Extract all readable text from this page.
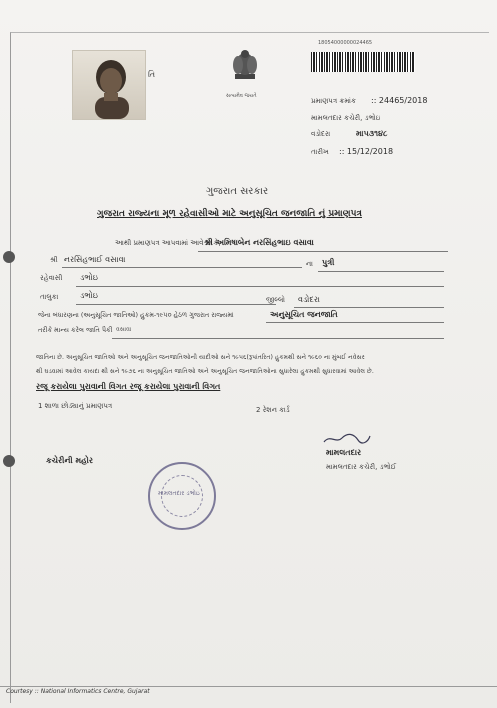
તિ
સત્યમેવ જયતે
18054000000024465
પ્રમાણપત્ર ક્રમાંક :: 24465/2018
મામલતદાર કચેરી, ડભોઇ
વડોદરા	માપ૩૧૪૮
તારીખ :: 15/12/2018
ગુજરાત સરકાર
ગુજરાત રાજ્યના મૂળ રહેવાસીઓ માટે અનુસૂચિત જનજાતિ નું પ્રમાણપત્ર
આથી પ્રમાણપત્ર આપવામાં આવે છે કે,
શ્રી અમિષાબેન નરસિંહભાઇ વસાવા
શ્રી નરસિંહભાઈ વસાવા	ના પુત્રી
રહેવાસી ડભોઇ
તાલુકા	ડભોઇ	જીલ્લો વડોદરા
જેના બંધારણના (અનુસૂચિત જાતિઓ) હુકમ-૧૯૫૦ હેઠળ ગુજરાત રાજ્યમાં	અનુસૂચિત જનજાતિ
તરીકે માન્ય કરેલ જાતિ પૈકી વસાવા
જાતિના છે. અનુસૂચિત જાતિઓ અને અનુસૂચિત જનજાતિઓની યાદીઓ સને ૧૯૫૬(રૂપાંતરિત) હુકમથી સને ૧૯૬૦ ના મુંબઈ નવેસર
થી ઘડવામાં આવેલ કાયદા થી સને ૧૯૭૬ ના અનુસૂચિત જાતિઓ અને અનુસૂચિત જનજાતિઓના સુધારેલા હુકમથી સુધારવામાં આવેલ છે.
રજૂ કરાયેલા પુરાવાની વિગત રજૂ કરાયેલા પુરાવાની વિગત
1 શાળા છોડ્યાનું પ્રમાણપત્ર	2 રેશન કાર્ડ
કચેરીની મહોર
મામલતદાર
મામલતદાર કચેરી, ડભોઈ
મામલતદાર ડભોઇ
Courtesy :: National Informatics Centre, Gujarat
